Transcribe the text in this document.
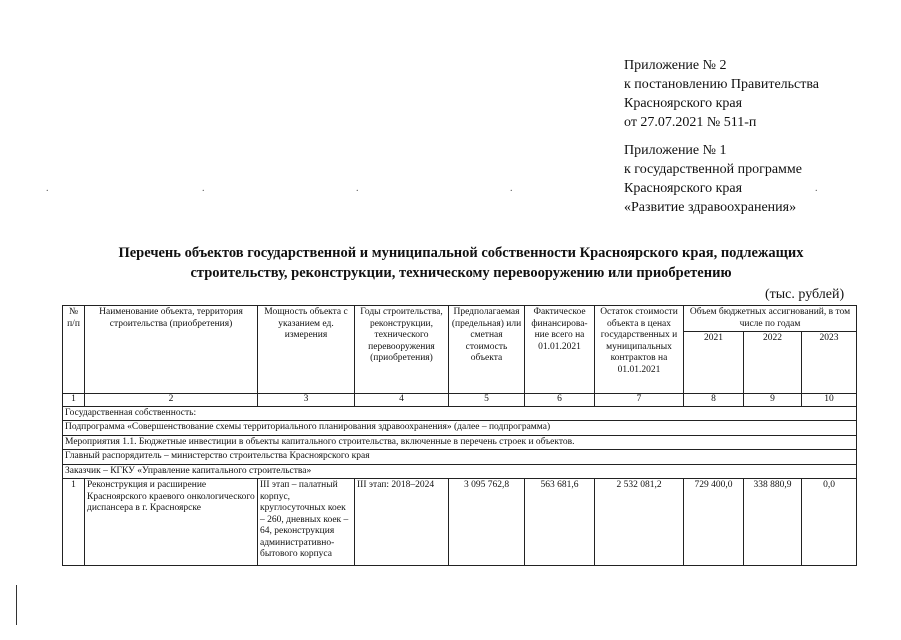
Приложение № 2
к постановлению Правительства
Красноярского края
от 27.07.2021 № 511-п
Приложение № 1
к государственной программе
Красноярского края
«Развитие здравоохранения»
.	.	.	.	.
Перечень объектов государственной и муниципальной собственности Красноярского края, подлежащих
строительству, реконструкции, техническому перевооружению или приобретению
(тыс. рублей)
№ п/п	Наименование объекта, территория строительства (приобретения)	Мощность объекта с указанием ед. измерения	Годы строительства, реконструкции, технического перевооружения (приобретения)	Предполагаемая (предельная) или сметная стоимость объекта	Фактическое финансирова-ние всего на 01.01.2021	Остаток стоимости объекта в ценах государственных и муниципальных контрактов на 01.01.2021	Объем бюджетных ассигнований, в том числе по годам		
							2021	2022	2023
1	2	3	4	5	6	7	8	9	10
Государственная собственность:									
Подпрограмма «Совершенствование схемы территориального планирования здравоохранения» (далее – подпрограмма)									
Мероприятия 1.1. Бюджетные инвестиции в объекты капитального строительства, включенные в перечень строек и объектов.									
Главный распорядитель – министерство строительства Красноярского края									
Заказчик – КГКУ «Управление капитального строительства»									
1	Реконструкция и расширение Красноярского краевого онкологического диспансера в г. Красноярске	III этап – палатный корпус, круглосуточных коек – 260, дневных коек – 64, реконструкция административно-бытового корпуса	III этап: 2018–2024	3 095 762,8	563 681,6	2 532 081,2	729 400,0	338 880,9	0,0
